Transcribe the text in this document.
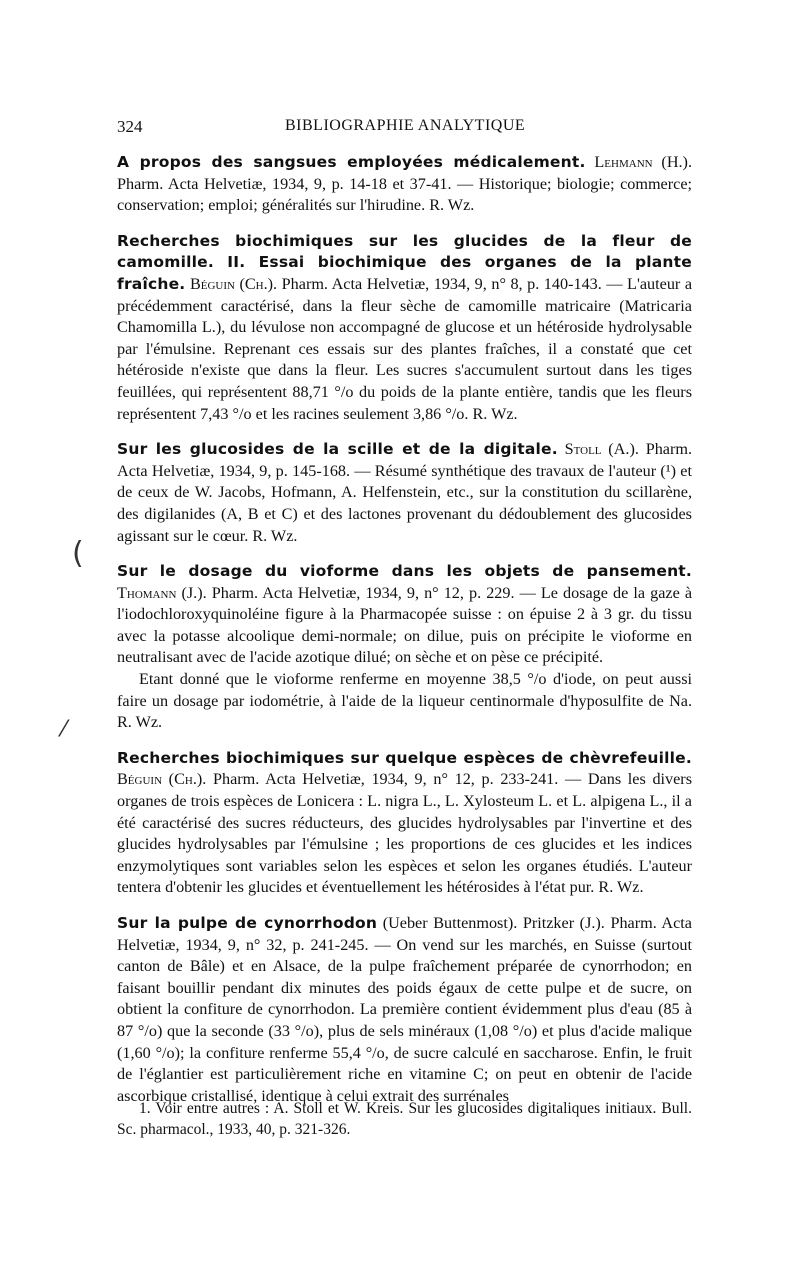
324	BIBLIOGRAPHIE ANALYTIQUE
(
⁄

A propos des sangsues employées médicalement. Lehmann (H.). Pharm. Acta Helvetiæ, 1934, 9, p. 14-18 et 37-41. — Historique; biologie; commerce; conservation; emploi; généralités sur l'hirudine. R. Wz.

Recherches biochimiques sur les glucides de la fleur de camomille. II. Essai biochimique des organes de la plante fraîche. Béguin (Ch.). Pharm. Acta Helvetiæ, 1934, 9, n° 8, p. 140-143. — L'auteur a précédemment caractérisé, dans la fleur sèche de camomille matricaire (Matricaria Chamomilla L.), du lévulose non accompagné de glucose et un hétéroside hydrolysable par l'émulsine. Reprenant ces essais sur des plantes fraîches, il a constaté que cet hétéroside n'existe que dans la fleur. Les sucres s'accumulent surtout dans les tiges feuillées, qui représentent 88,71 °/o du poids de la plante entière, tandis que les fleurs représentent 7,43 °/o et les racines seulement 3,86 °/o. R. Wz.

Sur les glucosides de la scille et de la digitale. Stoll (A.). Pharm. Acta Helvetiæ, 1934, 9, p. 145-168. — Résumé synthétique des travaux de l'auteur (¹) et de ceux de W. Jacobs, Hofmann, A. Helfenstein, etc., sur la constitution du scillarène, des digilanides (A, B et C) et des lactones provenant du dédoublement des glucosides agissant sur le cœur. R. Wz.

Sur le dosage du vioforme dans les objets de pansement. Thomann (J.). Pharm. Acta Helvetiæ, 1934, 9, n° 12, p. 229. — Le dosage de la gaze à l'iodochloroxyquinoléine figure à la Pharmacopée suisse : on épuise 2 à 3 gr. du tissu avec la potasse alcoolique demi-normale; on dilue, puis on précipite le vioforme en neutralisant avec de l'acide azotique dilué; on sèche et on pèse ce précipité.

Etant donné que le vioforme renferme en moyenne 38,5 °/o d'iode, on peut aussi faire un dosage par iodométrie, à l'aide de la liqueur centinormale d'hyposulfite de Na. R. Wz.

Recherches biochimiques sur quelque espèces de chèvrefeuille. Béguin (Ch.). Pharm. Acta Helvetiæ, 1934, 9, n° 12, p. 233-241. — Dans les divers organes de trois espèces de Lonicera : L. nigra L., L. Xylosteum L. et L. alpigena L., il a été caractérisé des sucres réducteurs, des glucides hydrolysables par l'invertine et des glucides hydrolysables par l'émulsine ; les proportions de ces glucides et les indices enzymolytiques sont variables selon les espèces et selon les organes étudiés. L'auteur tentera d'obtenir les glucides et éventuellement les hétérosides à l'état pur. R. Wz.

Sur la pulpe de cynorrhodon (Ueber Buttenmost). Pritzker (J.). Pharm. Acta Helvetiæ, 1934, 9, n° 32, p. 241-245. — On vend sur les marchés, en Suisse (surtout canton de Bâle) et en Alsace, de la pulpe fraîchement préparée de cynorrhodon; en faisant bouillir pendant dix minutes des poids égaux de cette pulpe et de sucre, on obtient la confiture de cynorrhodon. La première contient évidemment plus d'eau (85 à 87 °/o) que la seconde (33 °/o), plus de sels minéraux (1,08 °/o) et plus d'acide malique (1,60 °/o); la confiture renferme 55,4 °/o, de sucre calculé en saccharose. Enfin, le fruit de l'églantier est particulièrement riche en vitamine C; on peut en obtenir de l'acide ascorbique cristallisé, identique à celui extrait des surrénales

1. Voir entre autres : A. Stoll et W. Kreis. Sur les glucosides digitaliques initiaux. Bull. Sc. pharmacol., 1933, 40, p. 321-326.
